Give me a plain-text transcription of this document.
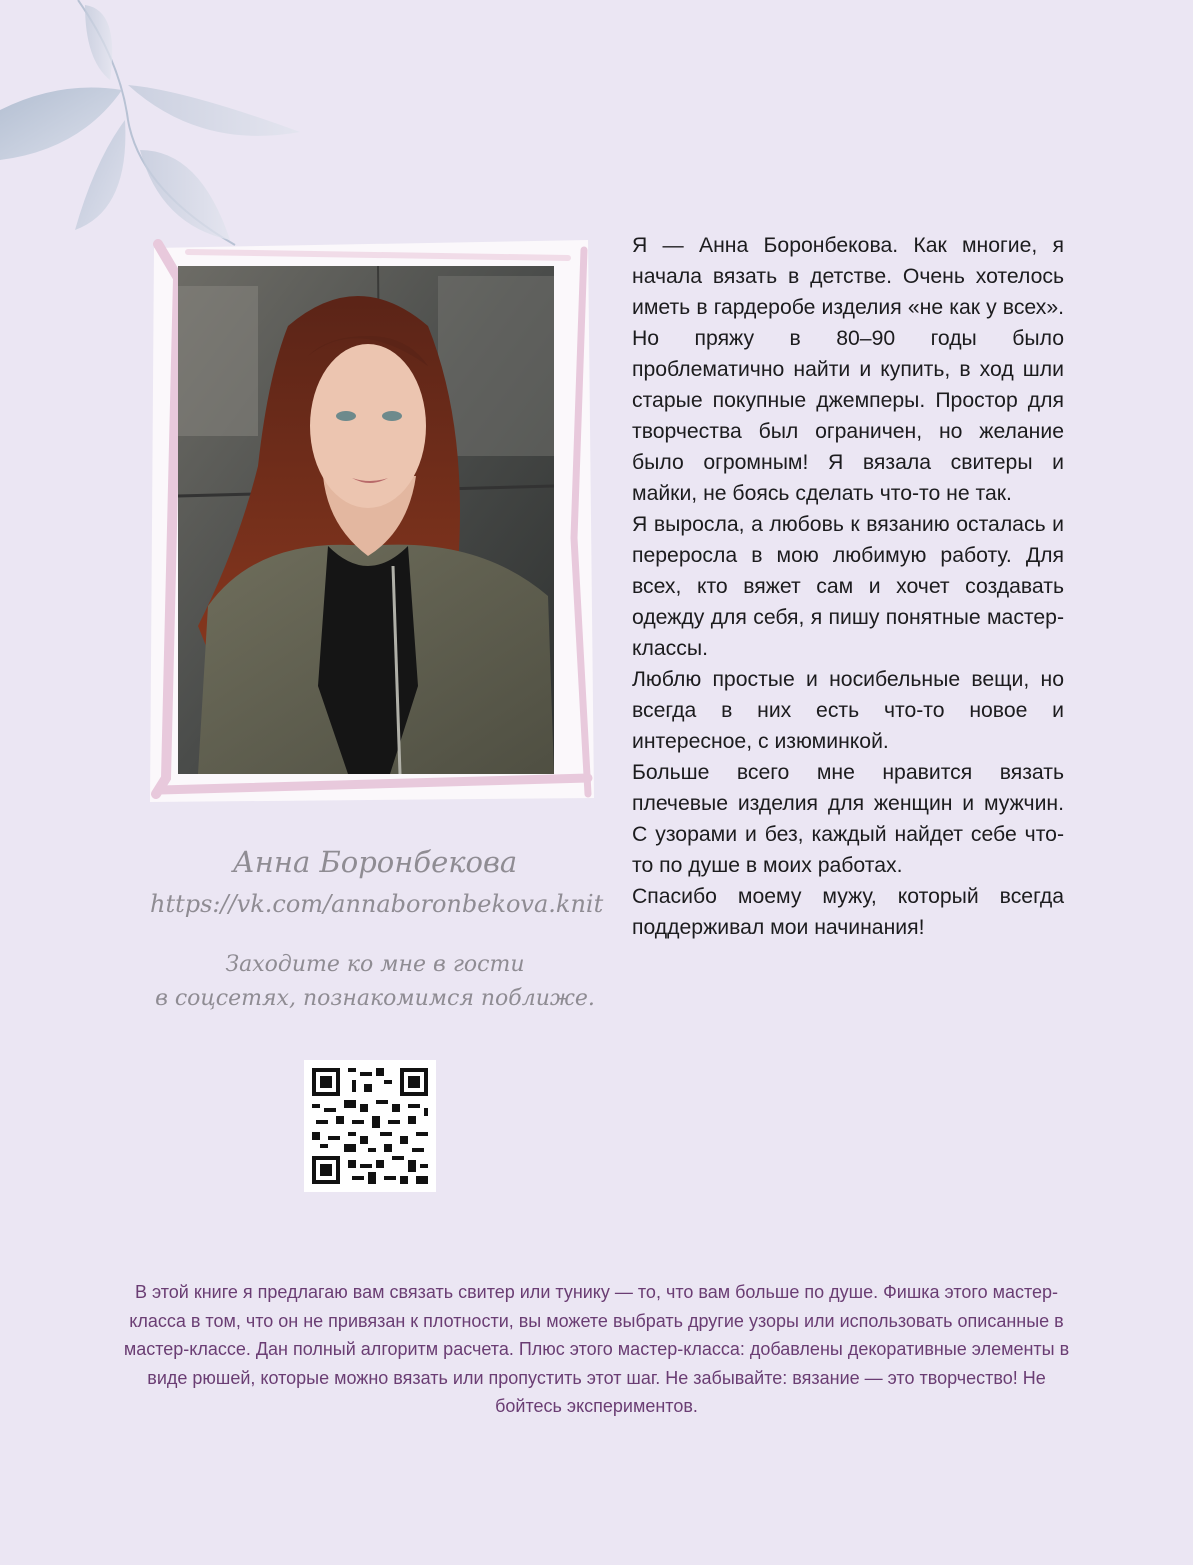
Анна Боронбекова

https://vk.com/annaboronbekova.knit

Заходите ко мне в гости

в соцсетях, познакомимся поближе.

Я — Анна Боронбекова. Как многие, я начала вязать в детстве. Очень хотелось иметь в гардеробе изделия «не как у всех». Но пряжу в 80–90 годы было проблематично найти и купить, в ход шли старые покупные джемперы. Простор для творчества был ограничен, но желание было огромным! Я вязала свитеры и майки, не боясь сделать что-то не так.

Я выросла, а любовь к вязанию осталась и переросла в мою любимую работу. Для всех, кто вяжет сам и хочет создавать одежду для себя, я пишу понятные мастер-классы.

Люблю простые и носибельные вещи, но всегда в них есть что-то новое и интересное, с изюминкой.

Больше всего мне нравится вязать плечевые изделия для женщин и мужчин. С узорами и без, каждый найдет себе что-то по душе в моих работах.

Спасибо моему мужу, который всегда поддерживал мои начинания!

В этой книге я предлагаю вам связать свитер или тунику — то, что вам больше по душе. Фишка этого мастер-класса в том, что он не привязан к плотности, вы можете выбрать другие узоры или использовать описанные в мастер-классе. Дан полный алгоритм расчета. Плюс этого мастер-класса: добавлены декоративные элементы в виде рюшей, которые можно вязать или пропустить этот шаг. Не забывайте: вязание — это творчество! Не бойтесь экспериментов.
